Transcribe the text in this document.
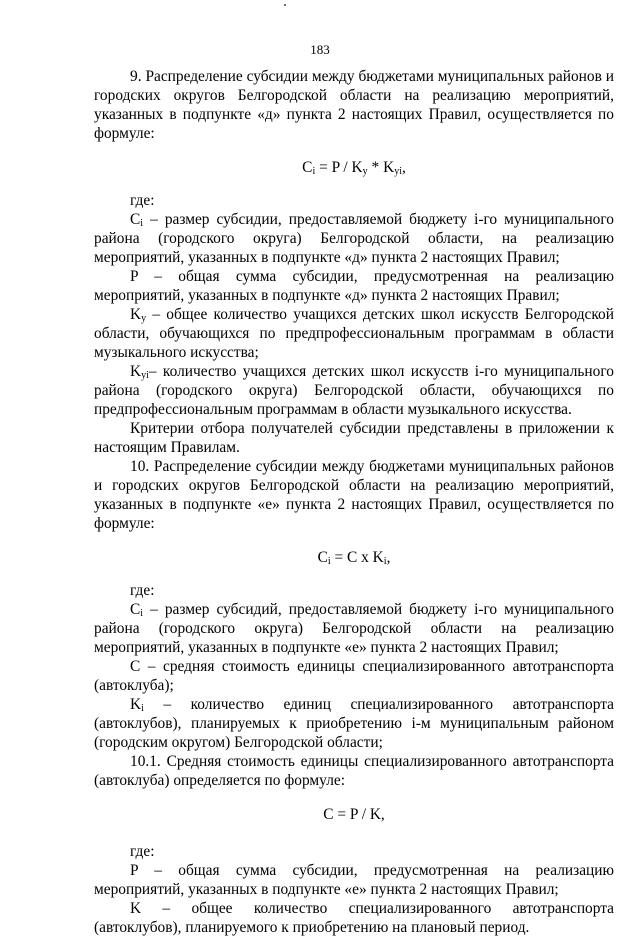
183

9. Распределение субсидии между бюджетами муниципальных районов и городских округов Белгородской области на реализацию мероприятий, указанных в подпункте «д» пункта 2 настоящих Правил, осуществляется по формуле:

$C_i = P / K_y * K_{yi}$,

где:

$C_i$ – размер субсидии, предоставляемой бюджету i-го муниципального района (городского округа) Белгородской области, на реализацию мероприятий, указанных в подпункте «д» пункта 2 настоящих Правил;

P – общая сумма субсидии, предусмотренная на реализацию мероприятий, указанных в подпункте «д» пункта 2 настоящих Правил;

$K_y$ – общее количество учащихся детских школ искусств Белгородской области, обучающихся по предпрофессиональным программам в области музыкального искусства;

$K_{yi}-$ количество учащихся детских школ искусств i-го муниципального района (городского округа) Белгородской области, обучающихся по предпрофессиональным программам в области музыкального искусства.

Критерии отбора получателей субсидии представлены в приложении к настоящим Правилам.

10. Распределение субсидии между бюджетами муниципальных районов и городских округов Белгородской области на реализацию мероприятий, указанных в подпункте «е» пункта 2 настоящих Правил, осуществляется по формуле:

$C_i = C$ x $K_i$,

где:

$C_i$ – размер субсидий, предоставляемой бюджету i-го муниципального района (городского округа) Белгородской области на реализацию мероприятий, указанных в подпункте «е» пункта 2 настоящих Правил;

C – средняя стоимость единицы специализированного автотранспорта (автоклуба);

$K_i$ – количество единиц специализированного автотранспорта (автоклубов), планируемых к приобретению i-м муниципальным районом (городским округом) Белгородской области;

10.1. Средняя стоимость единицы специализированного автотранспорта (автоклуба) определяется по формуле:

C = P / K,

где:

P – общая сумма субсидии, предусмотренная на реализацию мероприятий, указанных в подпункте «е» пункта 2 настоящих Правил;

K – общее количество специализированного автотранспорта (автоклубов), планируемого к приобретению на плановый период.
